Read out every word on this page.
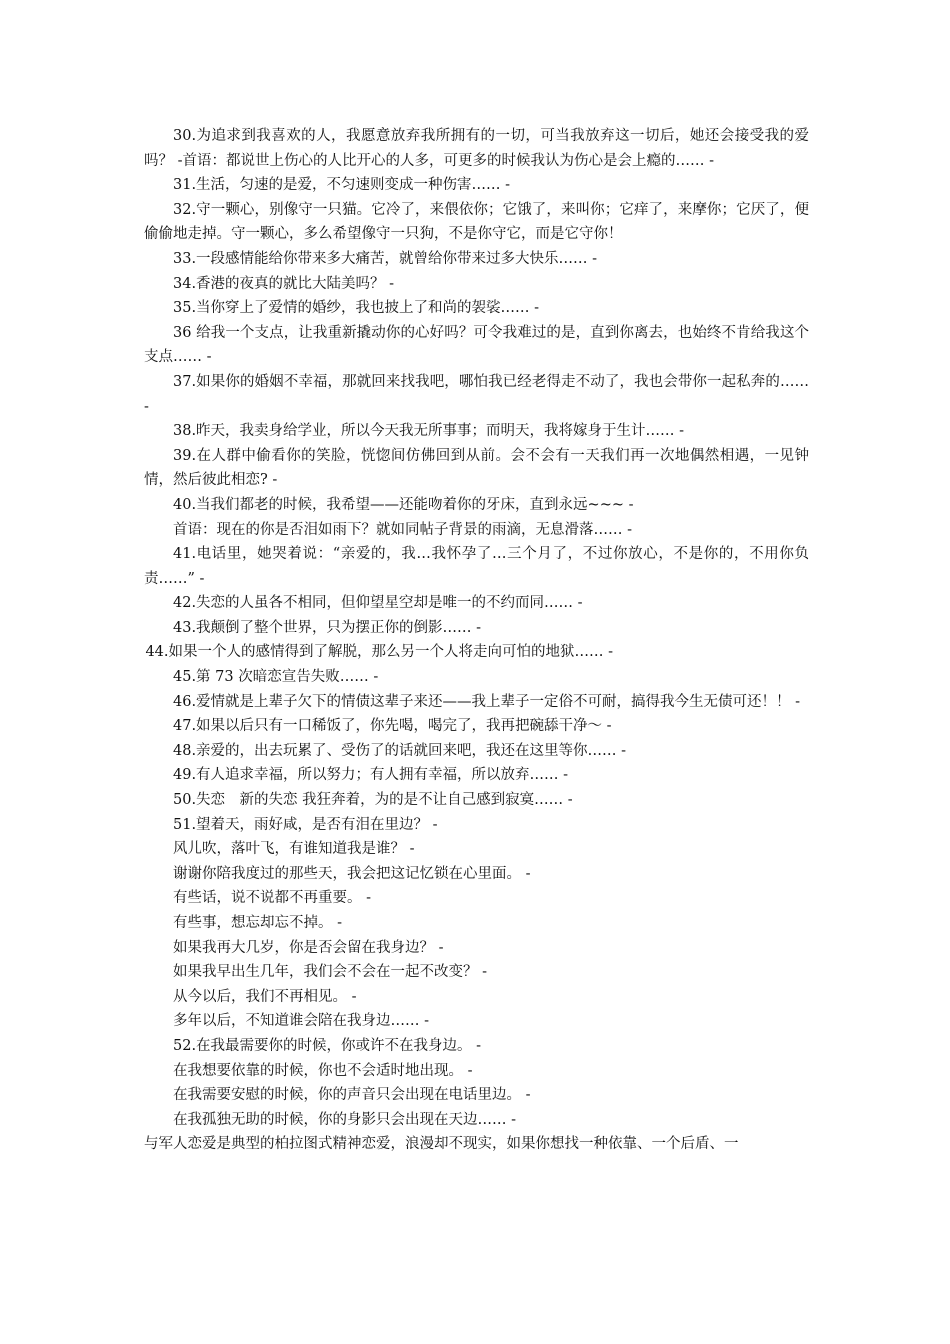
30.为追求到我喜欢的人，我愿意放弃我所拥有的一切，可当我放弃这一切后，她还会接受我的爱吗？ -首语：都说世上伤心的人比开心的人多，可更多的时候我认为伤心是会上瘾的…… -

31.生活，匀速的是爱，不匀速则变成一种伤害…… -

32.守一颗心，别像守一只猫。它冷了，来偎依你；它饿了，来叫你；它痒了，来摩你；它厌了，便偷偷地走掉。守一颗心，多么希望像守一只狗，不是你守它，而是它守你！

33.一段感情能给你带来多大痛苦，就曾给你带来过多大快乐…… -

34.香港的夜真的就比大陆美吗？ -

35.当你穿上了爱情的婚纱，我也披上了和尚的袈裟…… -

36 给我一个支点，让我重新撬动你的心好吗？可令我难过的是，直到你离去，也始终不肯给我这个支点…… -

37.如果你的婚姻不幸福，那就回来找我吧，哪怕我已经老得走不动了，我也会带你一起私奔的…… -

38.昨天，我卖身给学业，所以今天我无所事事；而明天，我将嫁身于生计…… -

39.在人群中偷看你的笑脸，恍惚间仿佛回到从前。会不会有一天我们再一次地偶然相遇，一见钟情，然后彼此相恋? -

40.当我们都老的时候，我希望——还能吻着你的牙床，直到永远~~~ -

首语：现在的你是否泪如雨下？就如同帖子背景的雨滴，无息滑落…… -

41.电话里，她哭着说：“亲爱的，我…我怀孕了…三个月了，不过你放心，不是你的，不用你负责……” -

42.失恋的人虽各不相同，但仰望星空却是唯一的不约而同…… -

43.我颠倒了整个世界，只为摆正你的倒影…… -

44.如果一个人的感情得到了解脱，那么另一个人将走向可怕的地狱…… -

45.第 73 次暗恋宣告失败…… -

46.爱情就是上辈子欠下的情债这辈子来还——我上辈子一定俗不可耐，搞得我今生无债可还！！ -

47.如果以后只有一口稀饭了，你先喝，喝完了，我再把碗舔干净～ -

48.亲爱的，出去玩累了、受伤了的话就回来吧，我还在这里等你…… -

49.有人追求幸福，所以努力；有人拥有幸福，所以放弃…… -

50.失恋　新的失恋 我狂奔着，为的是不让自己感到寂寞…… -

51.望着天，雨好咸，是否有泪在里边？ -

风儿吹，落叶飞，有谁知道我是谁？ -

谢谢你陪我度过的那些天，我会把这记忆锁在心里面。 -

有些话，说不说都不再重要。 -

有些事，想忘却忘不掉。 -

如果我再大几岁，你是否会留在我身边？ -

如果我早出生几年，我们会不会在一起不改变？ -

从今以后，我们不再相见。 -

多年以后，不知道谁会陪在我身边…… -

52.在我最需要你的时候，你或许不在我身边。 -

在我想要依靠的时候，你也不会适时地出现。 -

在我需要安慰的时候，你的声音只会出现在电话里边。 -

在我孤独无助的时候，你的身影只会出现在天边…… -

与军人恋爱是典型的柏拉图式精神恋爱，浪漫却不现实，如果你想找一种依靠、一个后盾、一
